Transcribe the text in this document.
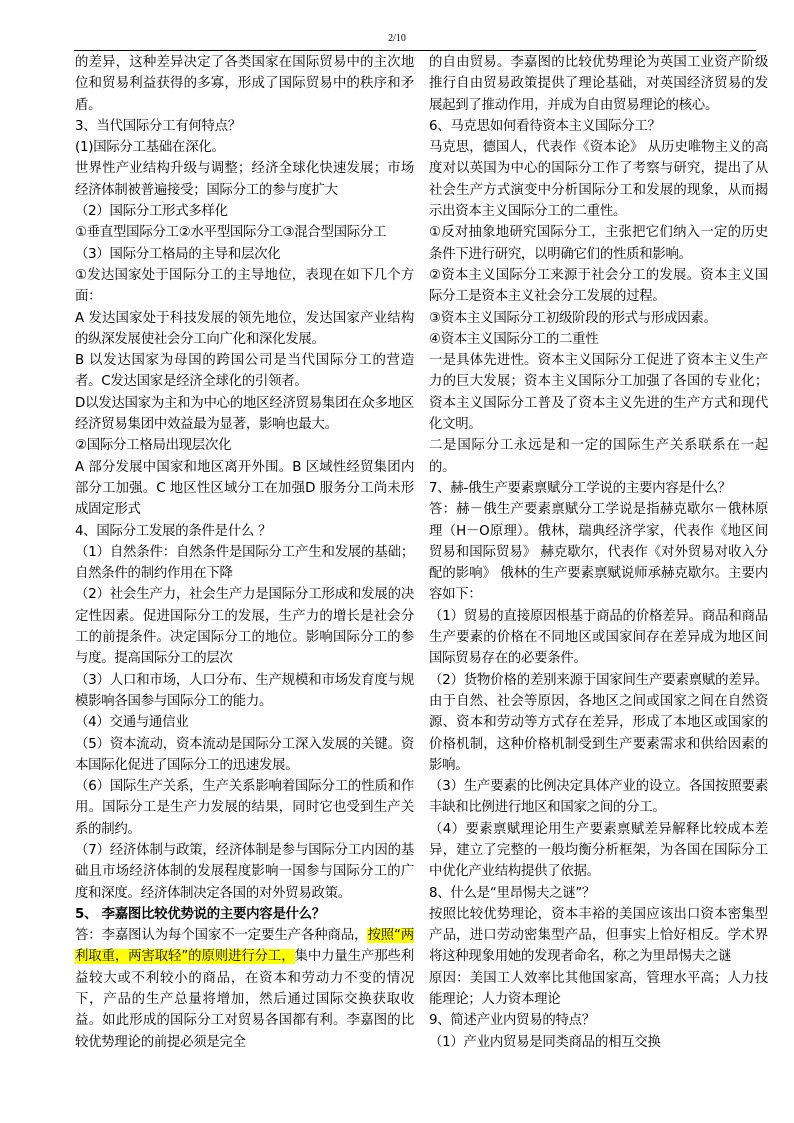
2/10

的差异，这种差异决定了各类国家在国际贸易中的主次地位和贸易利益获得的多寡，形成了国际贸易中的秩序和矛盾。

3、当代国际分工有何特点？

(1)国际分工基础在深化。

世界性产业结构升级与调整；经济全球化快速发展；市场经济体制被普遍接受；国际分工的参与度扩大

（2）国际分工形式多样化

①垂直型国际分工②水平型国际分工③混合型国际分工

（3）国际分工格局的主导和层次化

①发达国家处于国际分工的主导地位，表现在如下几个方面：

A 发达国家处于科技发展的领先地位，发达国家产业结构的纵深发展使社会分工向广化和深化发展。

B 以发达国家为母国的跨国公司是当代国际分工的营造者。C发达国家是经济全球化的引领者。

D以发达国家为主和为中心的地区经济贸易集团在众多地区经济贸易集团中效益最为显著，影响也最大。

②国际分工格局出现层次化

A 部分发展中国家和地区离开外围。B 区域性经贸集团内部分工加强。C 地区性区域分工在加强D 服务分工尚未形成固定形式

4、国际分工发展的条件是什么 ？

（1）自然条件：自然条件是国际分工产生和发展的基础；自然条件的制约作用在下降

（2）社会生产力，社会生产力是国际分工形成和发展的决定性因素。促进国际分工的发展，生产力的增长是社会分工的前提条件。决定国际分工的地位。影响国际分工的参与度。提高国际分工的层次

（3）人口和市场，人口分布、生产规模和市场发育度与规模影响各国参与国际分工的能力。

（4）交通与通信业

（5）资本流动，资本流动是国际分工深入发展的关键。资本国际化促进了国际分工的迅速发展。

（6）国际生产关系，生产关系影响着国际分工的性质和作用。国际分工是生产力发展的结果，同时它也受到生产关系的制约。

（7）经济体制与政策，经济体制是参与国际分工内因的基础且市场经济体制的发展程度影响一国参与国际分工的广度和深度。经济体制决定各国的对外贸易政策。

5、 李嘉图比较优势说的主要内容是什么？

答：李嘉图认为每个国家不一定要生产各种商品，按照“两利取重，两害取轻”的原则进行分工，集中力量生产那些利益较大或不利较小的商品，在资本和劳动力不变的情况下，产品的生产总量将增加，然后通过国际交换获取收益。如此形成的国际分工对贸易各国都有利。李嘉图的比较优势理论的前提必须是完全

的自由贸易。李嘉图的比较优势理论为英国工业资产阶级推行自由贸易政策提供了理论基础，对英国经济贸易的发展起到了推动作用，并成为自由贸易理论的核心。

6、马克思如何看待资本主义国际分工？

马克思，德国人，代表作《资本论》 从历史唯物主义的高度对以英国为中心的国际分工作了考察与研究，提出了从社会生产方式演变中分析国际分工和发展的现象，从而揭示出资本主义国际分工的二重性。

①反对抽象地研究国际分工，主张把它们纳入一定的历史条件下进行研究，以明确它们的性质和影响。

②资本主义国际分工来源于社会分工的发展。资本主义国际分工是资本主义社会分工发展的过程。

③资本主义国际分工初级阶段的形式与形成因素。

④资本主义国际分工的二重性

一是具体先进性。资本主义国际分工促进了资本主义生产力的巨大发展；资本主义国际分工加强了各国的专业化；资本主义国际分工普及了资本主义先进的生产方式和现代化文明。

二是国际分工永远是和一定的国际生产关系联系在一起的。

7、赫-俄生产要素禀赋分工学说的主要内容是什么？

答：赫－俄生产要素禀赋分工学说是指赫克歇尔－俄林原理（H－O原理）。俄林，瑞典经济学家，代表作《地区间贸易和国际贸易》 赫克歇尔，代表作《对外贸易对收入分配的影响》 俄林的生产要素禀赋说师承赫克歇尔。主要内容如下：

（1）贸易的直接原因根基于商品的价格差异。商品和商品生产要素的价格在不同地区或国家间存在差异成为地区间国际贸易存在的必要条件。

（2）货物价格的差别来源于国家间生产要素禀赋的差异。由于自然、社会等原因，各地区之间或国家之间在自然资源、资本和劳动等方式存在差异，形成了本地区或国家的价格机制，这种价格机制受到生产要素需求和供给因素的影响。

（3）生产要素的比例决定具体产业的设立。各国按照要素丰缺和比例进行地区和国家之间的分工。

（4）要素禀赋理论用生产要素禀赋差异解释比较成本差异，建立了完整的一般均衡分析框架，为各国在国际分工中优化产业结构提供了依据。

8、什么是“里昂惕夫之谜”？

按照比较优势理论，资本丰裕的美国应该出口资本密集型产品，进口劳动密集型产品，但事实上恰好相反。学术界将这种现象用她的发现者命名，称之为里昂惕夫之谜

原因：美国工人效率比其他国家高，管理水平高；人力技能理论；人力资本理论

9、简述产业内贸易的特点？

（1）产业内贸易是同类商品的相互交换
